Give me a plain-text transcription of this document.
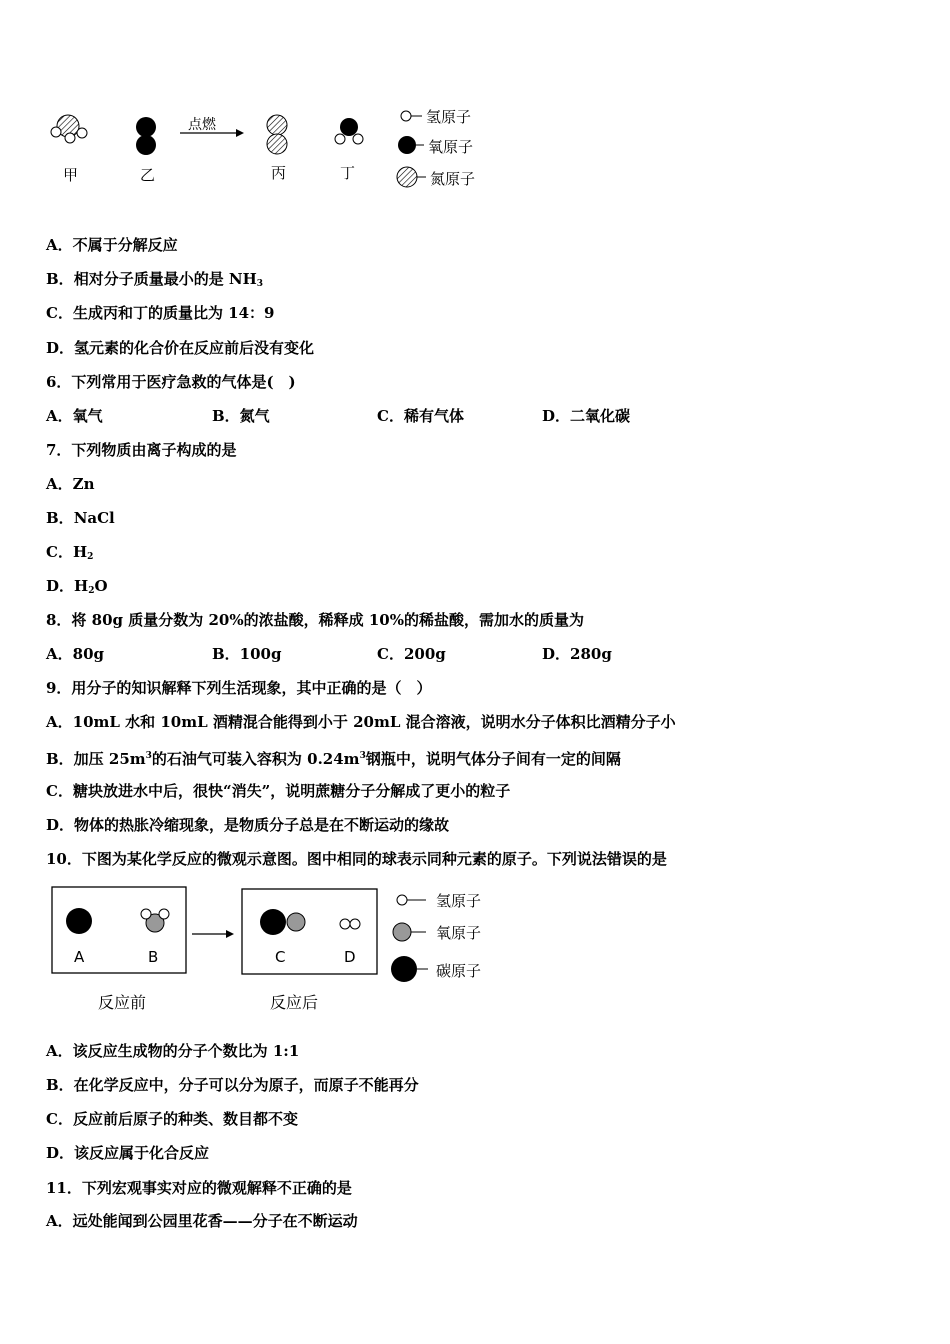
点燃
甲	乙	丙	丁
氢原子
氧原子
氮原子
A．不属于分解反应
B．相对分子质量最小的是 $NH_3$
C．生成丙和丁的质量比为 14：9
D．氢元素的化合价在反应前后没有变化
6．下列常用于医疗急救的气体是(　)
A．氧气	B．氮气	C．稀有气体	D．二氧化碳
7．下列物质由离子构成的是
A．Zn
B．NaCl
C．$H_2$
D．$H_2O$
8．将 80g 质量分数为 20%的浓盐酸，稀释成 10%的稀盐酸，需加水的质量为
A．80g	B．100g	C．200g	D．280g
9．用分子的知识解释下列生活现象，其中正确的是（　）
A．10mL 水和 10mL 酒精混合能得到小于 20mL 混合溶液，说明水分子体积比酒精分子小
B．加压 $25m^3$的石油气可装入容积为 $0.24m^3$钢瓶中，说明气体分子间有一定的间隔
C．糖块放进水中后，很快“消失”，说明蔗糖分子分解成了更小的粒子
D．物体的热胀冷缩现象，是物质分子总是在不断运动的缘故
10．下图为某化学反应的微观示意图。图中相同的球表示同种元素的原子。下列说法错误的是
A	B	C	D
反应前	反应后
氢原子
氧原子
碳原子
A．该反应生成物的分子个数比为 1:1
B．在化学反应中，分子可以分为原子，而原子不能再分
C．反应前后原子的种类、数目都不变
D．该反应属于化合反应
11．下列宏观事实对应的微观解释不正确的是
A．远处能闻到公园里花香——分子在不断运动
